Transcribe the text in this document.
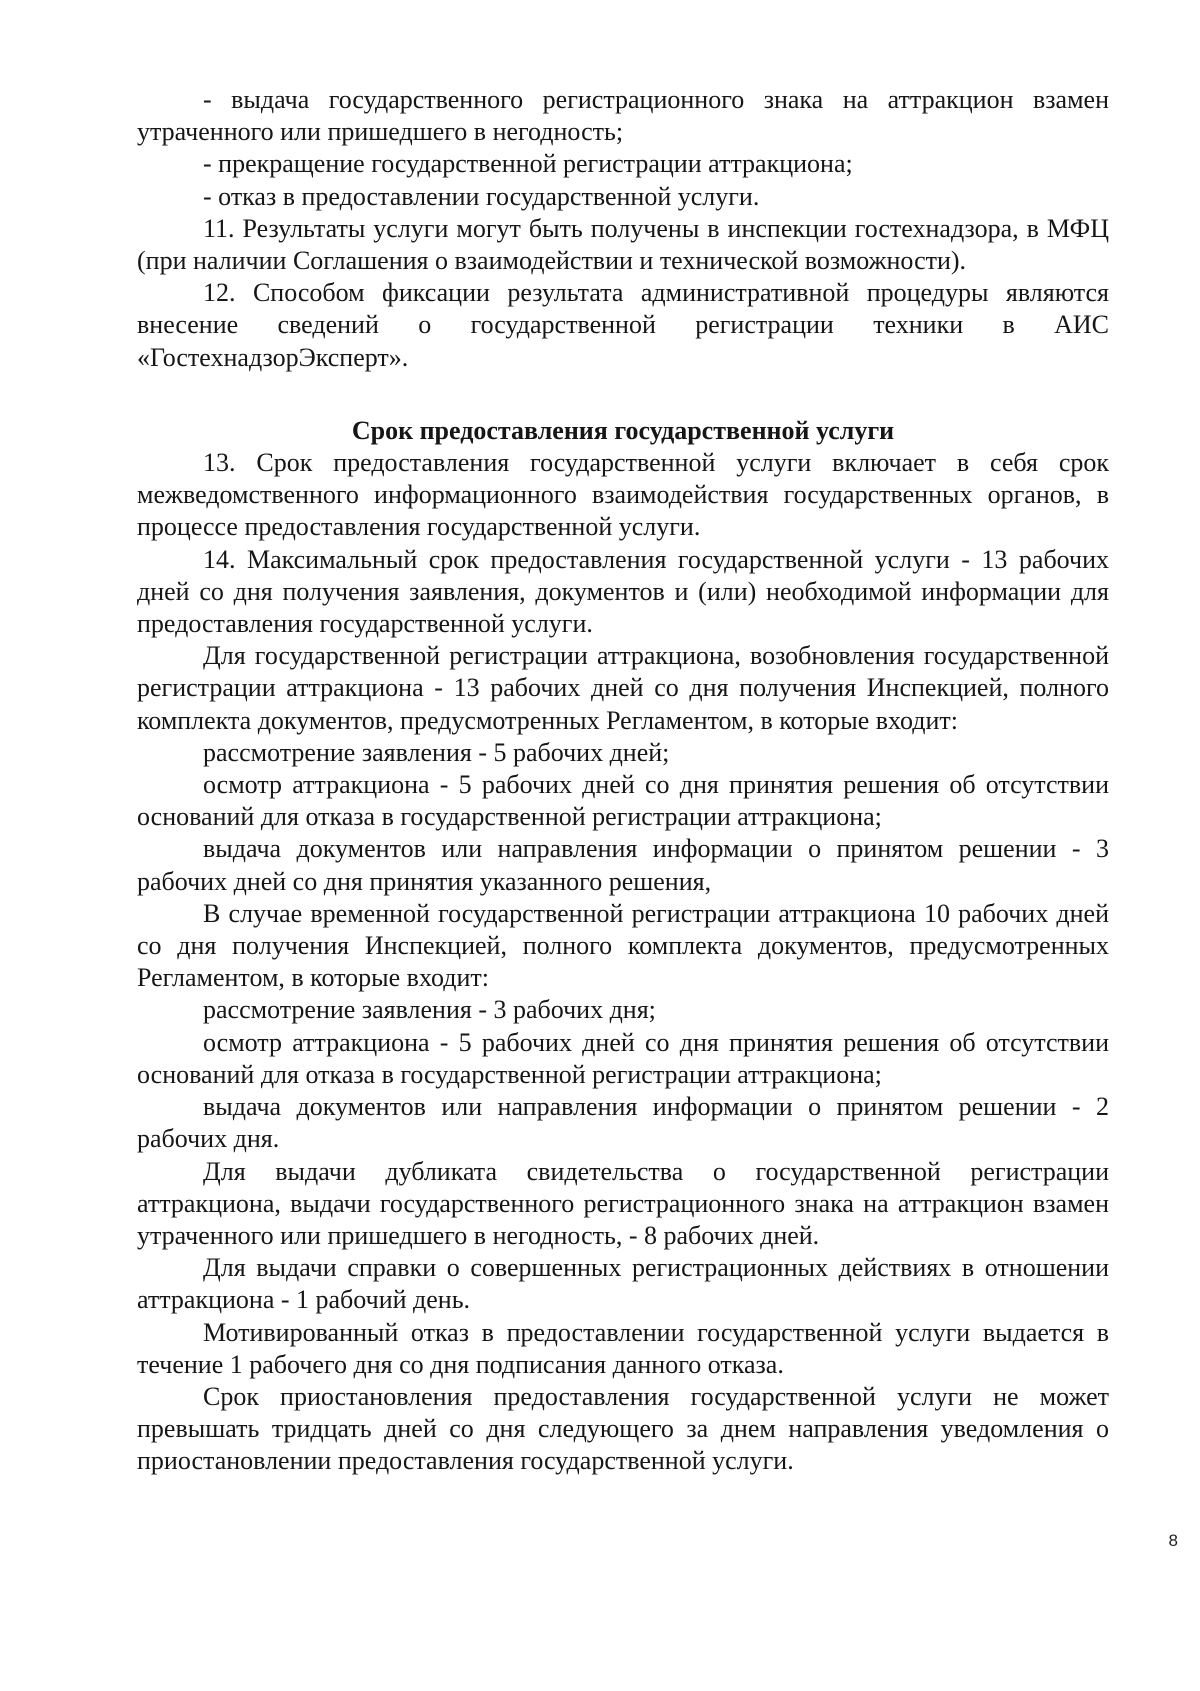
- выдача государственного регистрационного знака на аттракцион взамен утраченного или пришедшего в негодность;

- прекращение государственной регистрации аттракциона;

- отказ в предоставлении государственной услуги.

11. Результаты услуги могут быть получены в инспекции гостехнадзора, в МФЦ (при наличии Соглашения о взаимодействии и технической возможности).

12. Способом фиксации результата административной процедуры являются внесение сведений о государственной регистрации техники в АИС «ГостехнадзорЭксперт».

Срок предоставления государственной услуги

13. Срок предоставления государственной услуги включает в себя срок межведомственного информационного взаимодействия государственных органов, в процессе предоставления государственной услуги.

14. Максимальный срок предоставления государственной услуги - 13 рабочих дней со дня получения заявления, документов и (или) необходимой информации для предоставления государственной услуги.

Для государственной регистрации аттракциона, возобновления государственной регистрации аттракциона - 13 рабочих дней со дня получения Инспекцией, полного комплекта документов, предусмотренных Регламентом, в которые входит:

рассмотрение заявления - 5 рабочих дней;

осмотр аттракциона - 5 рабочих дней со дня принятия решения об отсутствии оснований для отказа в государственной регистрации аттракциона;

выдача документов или направления информации о принятом решении - 3 рабочих дней со дня принятия указанного решения,

В случае временной государственной регистрации аттракциона 10 рабочих дней со дня получения Инспекцией, полного комплекта документов, предусмотренных Регламентом, в которые входит:

рассмотрение заявления - 3 рабочих дня;

осмотр аттракциона - 5 рабочих дней со дня принятия решения об отсутствии оснований для отказа в государственной регистрации аттракциона;

выдача документов или направления информации о принятом решении - 2 рабочих дня.

Для выдачи дубликата свидетельства о государственной регистрации аттракциона, выдачи государственного регистрационного знака на аттракцион взамен утраченного или пришедшего в негодность, - 8 рабочих дней.

Для выдачи справки о совершенных регистрационных действиях в отношении аттракциона - 1 рабочий день.

Мотивированный отказ в предоставлении государственной услуги выдается в течение 1 рабочего дня со дня подписания данного отказа.

Срок приостановления предоставления государственной услуги не может превышать тридцать дней со дня следующего за днем направления уведомления о приостановлении предоставления государственной услуги.

8
